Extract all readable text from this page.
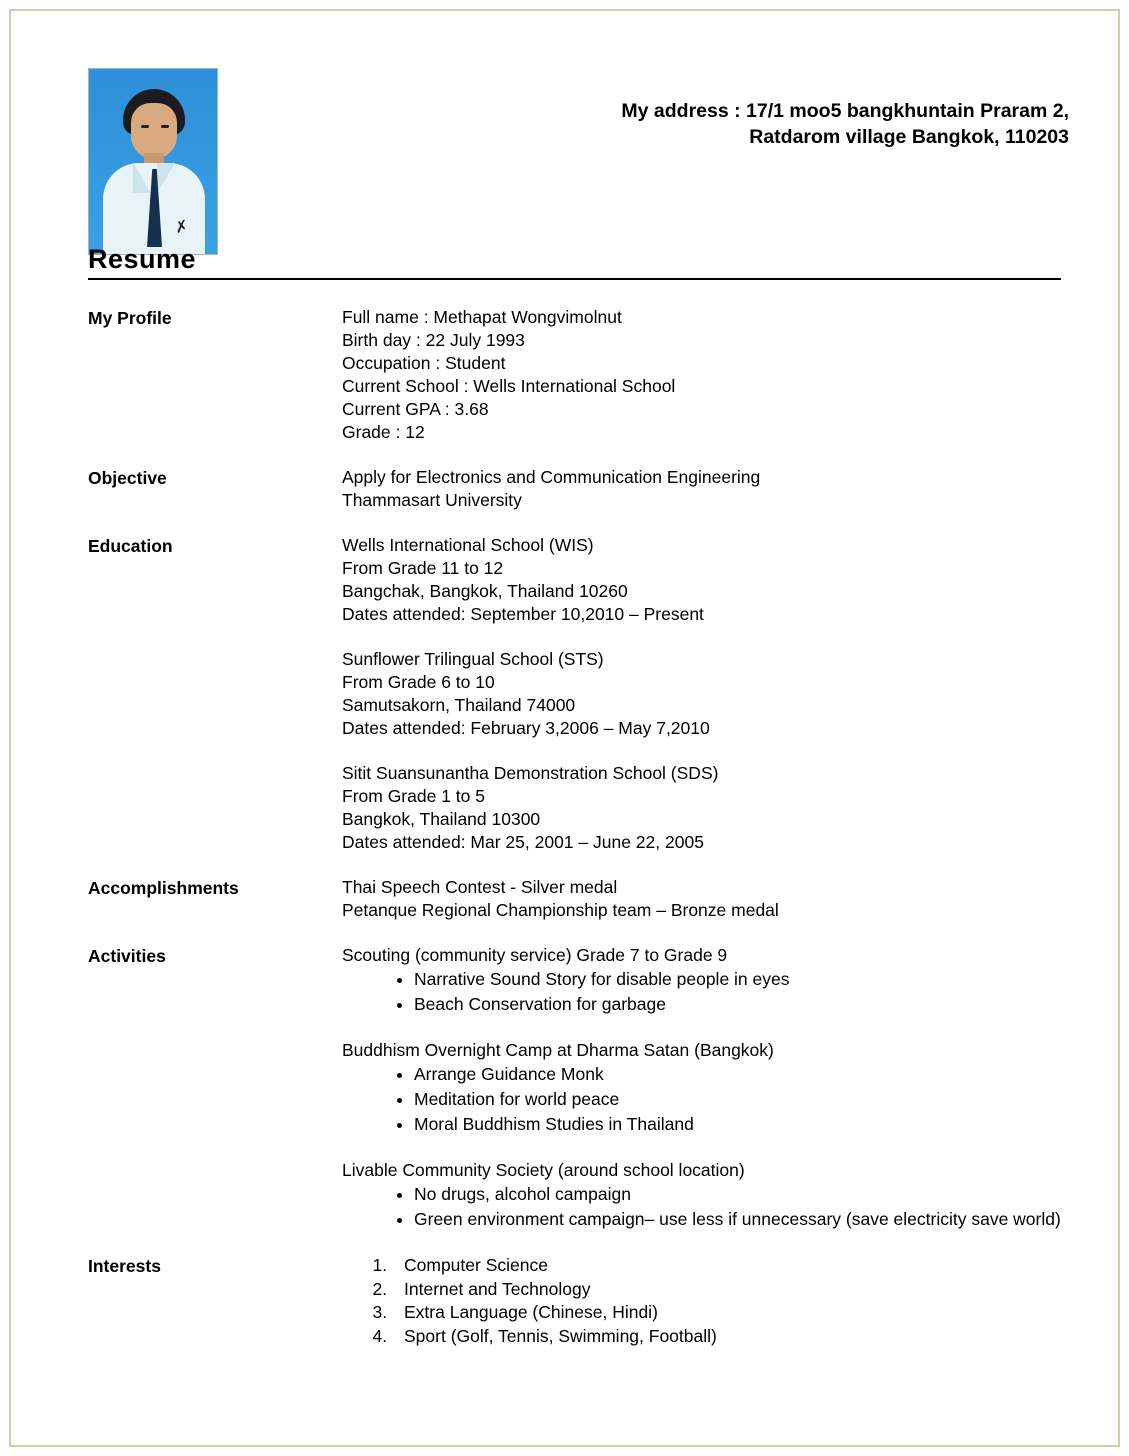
✗
My address : 17/1 moo5 bangkhuntain Praram 2, Ratdarom village Bangkok, 110203
Resume
My Profile	Full name : Methapat Wongvimolnut
Birth day : 22 July 1993
Occupation : Student
Current School : Wells International School
Current GPA : 3.68
Grade : 12
Objective	Apply for Electronics and Communication Engineering
Thammasart University
Education	Wells International School (WIS)
From Grade 11 to 12
Bangchak, Bangkok, Thailand 10260
Dates attended: September 10,2010 – Present
Sunflower Trilingual School (STS)
From Grade 6 to 10
Samutsakorn, Thailand 74000
Dates attended: February 3,2006 – May 7,2010
Sitit Suansunantha Demonstration School (SDS)
From Grade 1 to 5
Bangkok, Thailand 10300
Dates attended: Mar 25, 2001 – June 22, 2005
Accomplishments	Thai Speech Contest - Silver medal
Petanque Regional Championship team – Bronze medal
Activities	Scouting (community service) Grade 7 to Grade 9
• Narrative Sound Story for disable people in eyes
• Beach Conservation for garbage
Buddhism Overnight Camp at Dharma Satan (Bangkok)
• Arrange Guidance Monk
• Meditation for world peace
• Moral Buddhism Studies in Thailand
Livable Community Society (around school location)
• No drugs, alcohol campaign
• Green environment campaign– use less if unnecessary (save electricity save world)
Interests	1. Computer Science
2. Internet and Technology
3. Extra Language (Chinese, Hindi)
4. Sport (Golf, Tennis, Swimming, Football)
